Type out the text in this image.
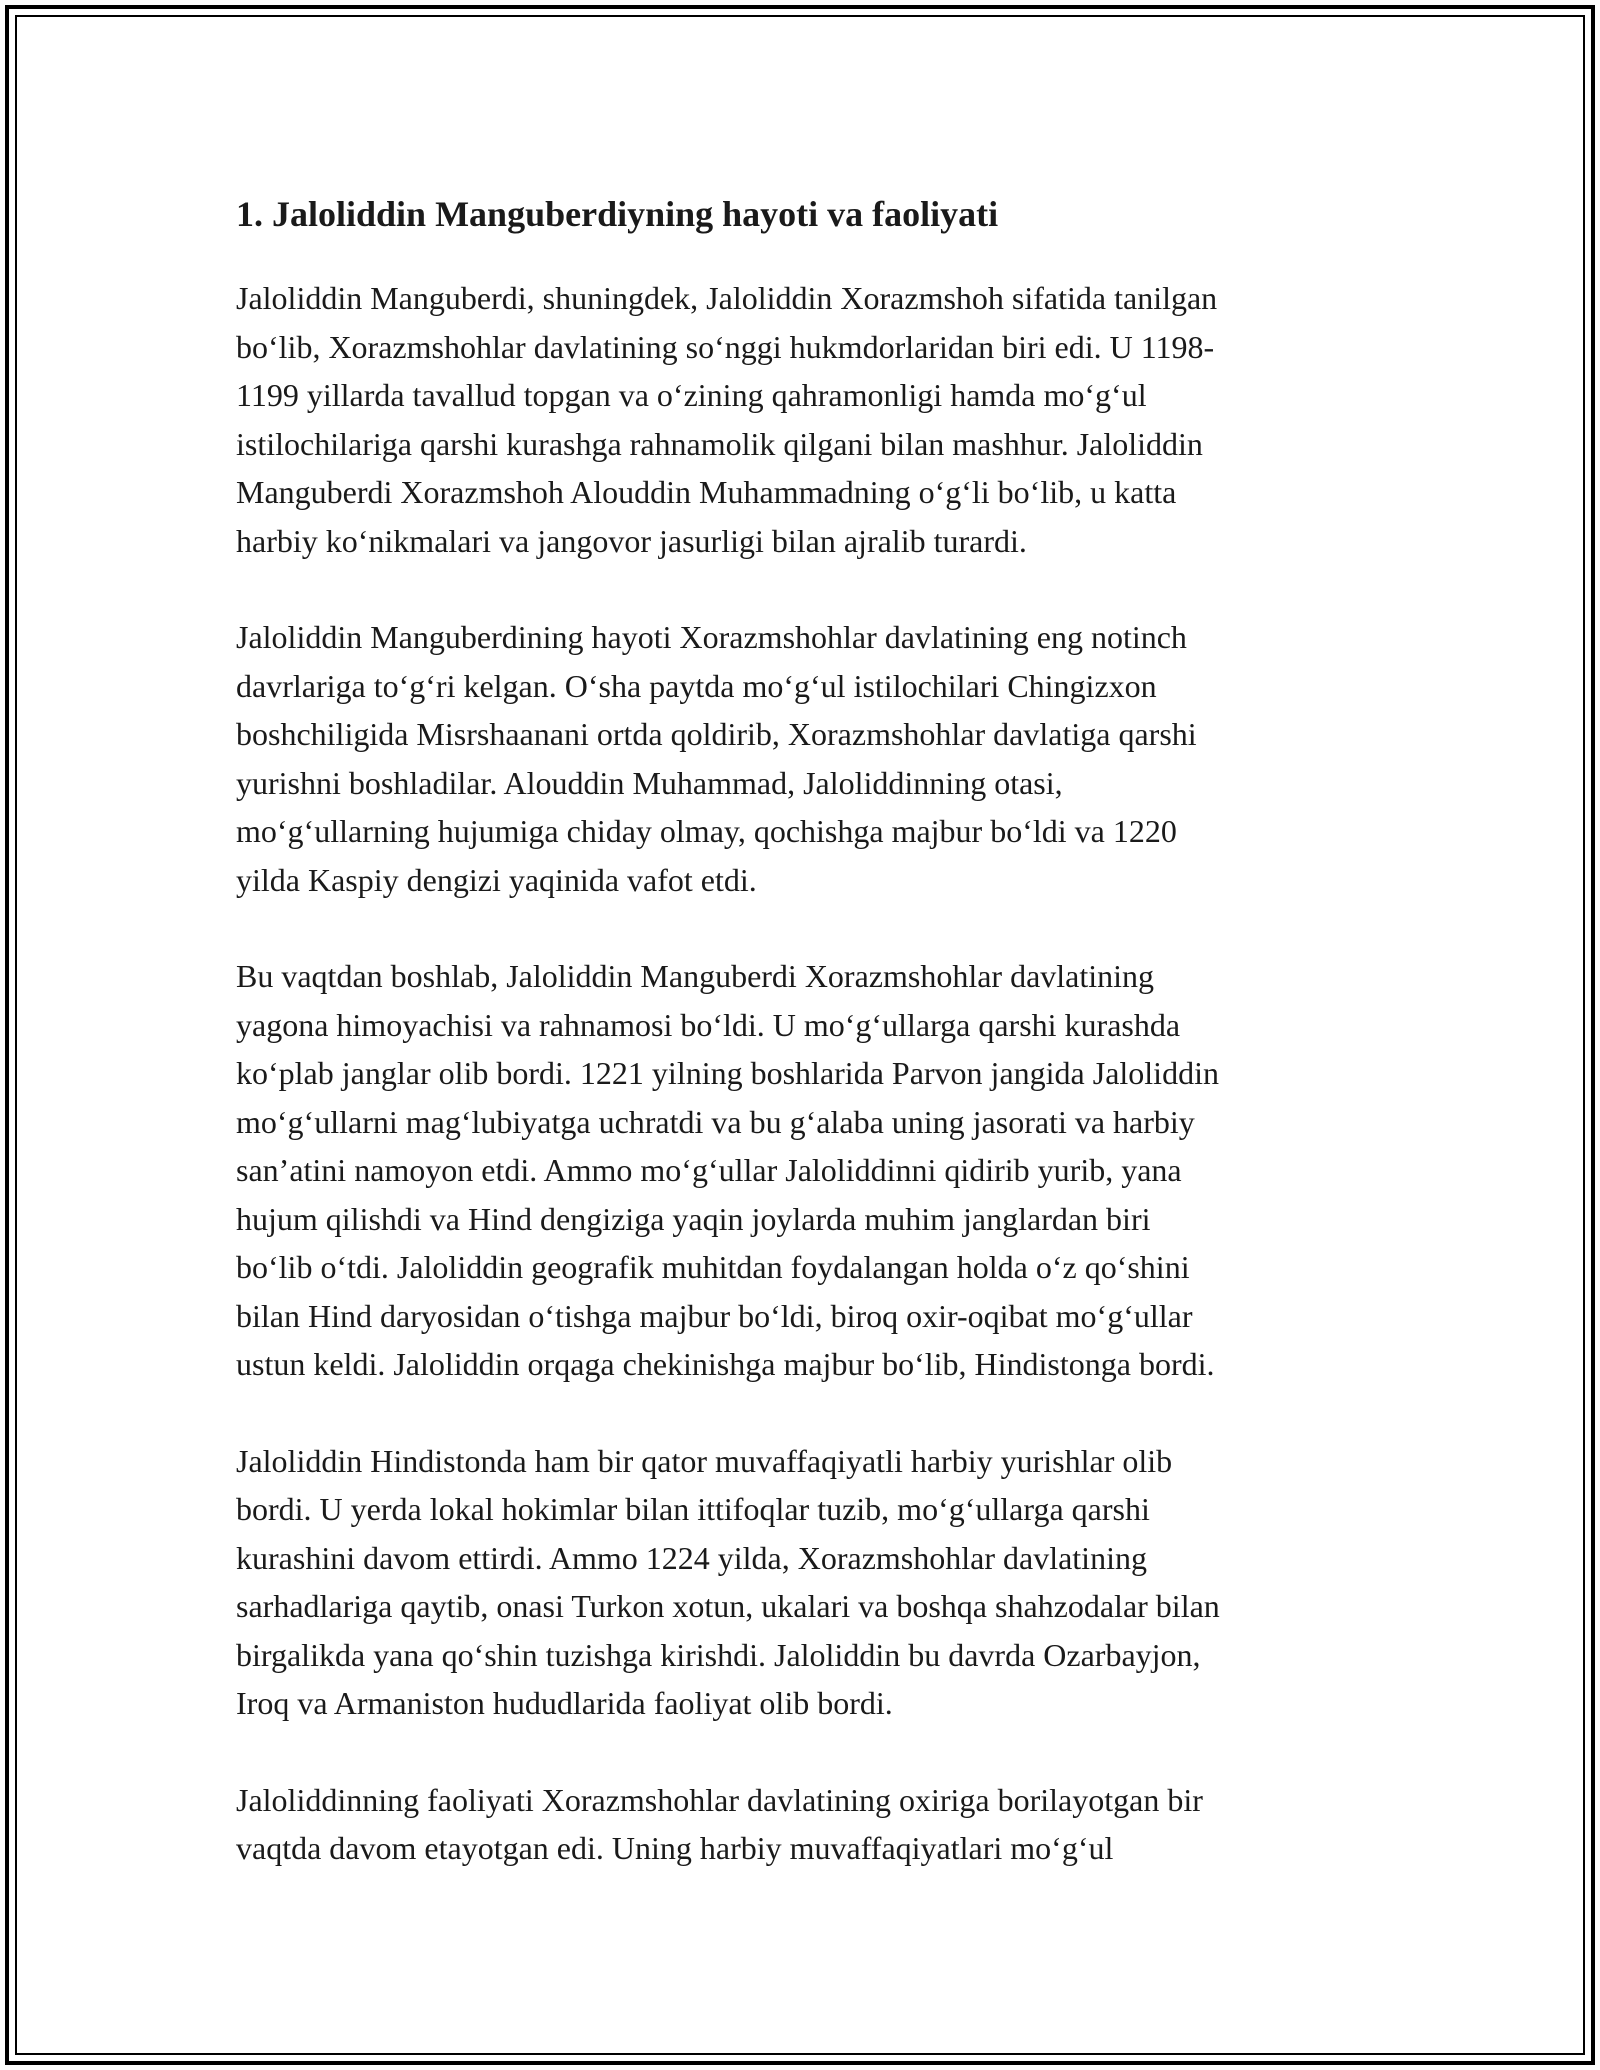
1. Jaloliddin Manguberdiyning hayoti va faoliyati

Jaloliddin Manguberdi, shuningdek, Jaloliddin Xorazmshoh sifatida tanilgan
bo‘lib, Xorazmshohlar davlatining so‘nggi hukmdorlaridan biri edi. U 1198-
1199 yillarda tavallud topgan va o‘zining qahramonligi hamda mo‘g‘ul
istilochilariga qarshi kurashga rahnamolik qilgani bilan mashhur. Jaloliddin
Manguberdi Xorazmshoh Alouddin Muhammadning o‘g‘li bo‘lib, u katta
harbiy ko‘nikmalari va jangovor jasurligi bilan ajralib turardi.

Jaloliddin Manguberdining hayoti Xorazmshohlar davlatining eng notinch
davrlariga to‘g‘ri kelgan. O‘sha paytda mo‘g‘ul istilochilari Chingizxon
boshchiligida Misrshaanani ortda qoldirib, Xorazmshohlar davlatiga qarshi
yurishni boshladilar. Alouddin Muhammad, Jaloliddinning otasi,
mo‘g‘ullarning hujumiga chiday olmay, qochishga majbur bo‘ldi va 1220
yilda Kaspiy dengizi yaqinida vafot etdi.

Bu vaqtdan boshlab, Jaloliddin Manguberdi Xorazmshohlar davlatining
yagona himoyachisi va rahnamosi bo‘ldi. U mo‘g‘ullarga qarshi kurashda
ko‘plab janglar olib bordi. 1221 yilning boshlarida Parvon jangida Jaloliddin
mo‘g‘ullarni mag‘lubiyatga uchratdi va bu g‘alaba uning jasorati va harbiy
san’atini namoyon etdi. Ammo mo‘g‘ullar Jaloliddinni qidirib yurib, yana
hujum qilishdi va Hind dengiziga yaqin joylarda muhim janglardan biri
bo‘lib o‘tdi. Jaloliddin geografik muhitdan foydalangan holda o‘z qo‘shini
bilan Hind daryosidan o‘tishga majbur bo‘ldi, biroq oxir-oqibat mo‘g‘ullar
ustun keldi. Jaloliddin orqaga chekinishga majbur bo‘lib, Hindistonga bordi.

Jaloliddin Hindistonda ham bir qator muvaffaqiyatli harbiy yurishlar olib
bordi. U yerda lokal hokimlar bilan ittifoqlar tuzib, mo‘g‘ullarga qarshi
kurashini davom ettirdi. Ammo 1224 yilda, Xorazmshohlar davlatining
sarhadlariga qaytib, onasi Turkon xotun, ukalari va boshqa shahzodalar bilan
birgalikda yana qo‘shin tuzishga kirishdi. Jaloliddin bu davrda Ozarbayjon,
Iroq va Armaniston hududlarida faoliyat olib bordi.

Jaloliddinning faoliyati Xorazmshohlar davlatining oxiriga borilayotgan bir
vaqtda davom etayotgan edi. Uning harbiy muvaffaqiyatlari mo‘g‘ul
